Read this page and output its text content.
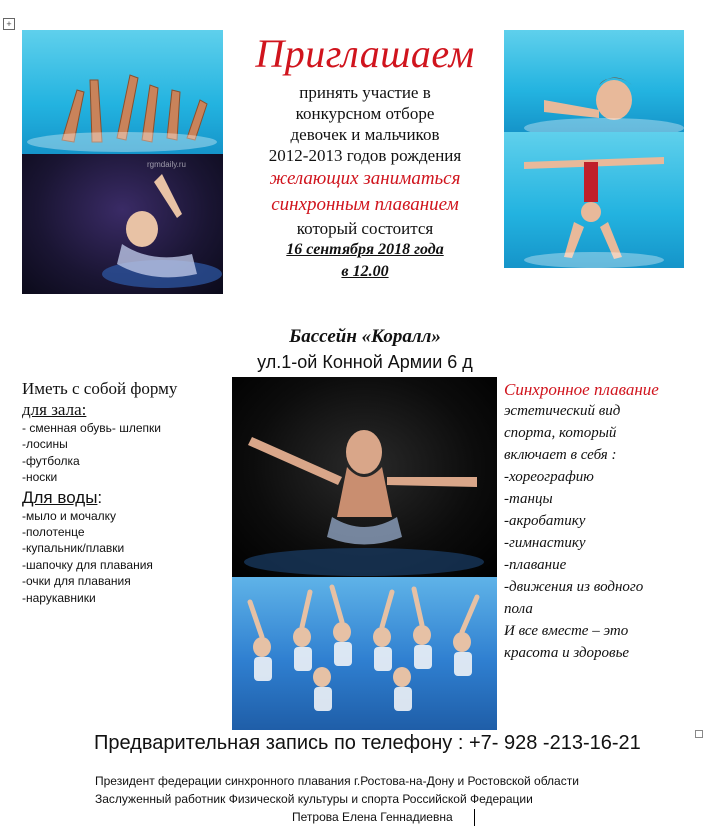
+
rgmdaily.ru
Приглашаем
принять участие в
конкурсном отборе
девочек и мальчиков
2012-2013 годов рождения
желающих заниматься
синхронным плаванием
который состоится
16 сентября 2018 года
в 12.00
Бассейн «Коралл»
ул.1-ой Конной Армии 6 д
Иметь с собой форму
для зала:
- сменная обувь- шлепки
-лосины
-футболка
-носки
Для воды:
-мыло и мочалку
-полотенце
-купальник/плавки
-шапочку для плавания
-очки для плавания
-нарукавники
Синхронное плавание
эстетический вид
спорта, который
включает в себя :
-хореографию
-танцы
-акробатику
-гимнастику
-плавание
-движения из водного
пола
И все вместе – это
красота и здоровье
Предварительная запись по телефону : +7- 928 -213-16-21
Президент федерации синхронного плавания г.Ростова-на-Дону и Ростовской области
Заслуженный работник Физической культуры и спорта Российской Федерации
Петрова Елена Геннадиевна
